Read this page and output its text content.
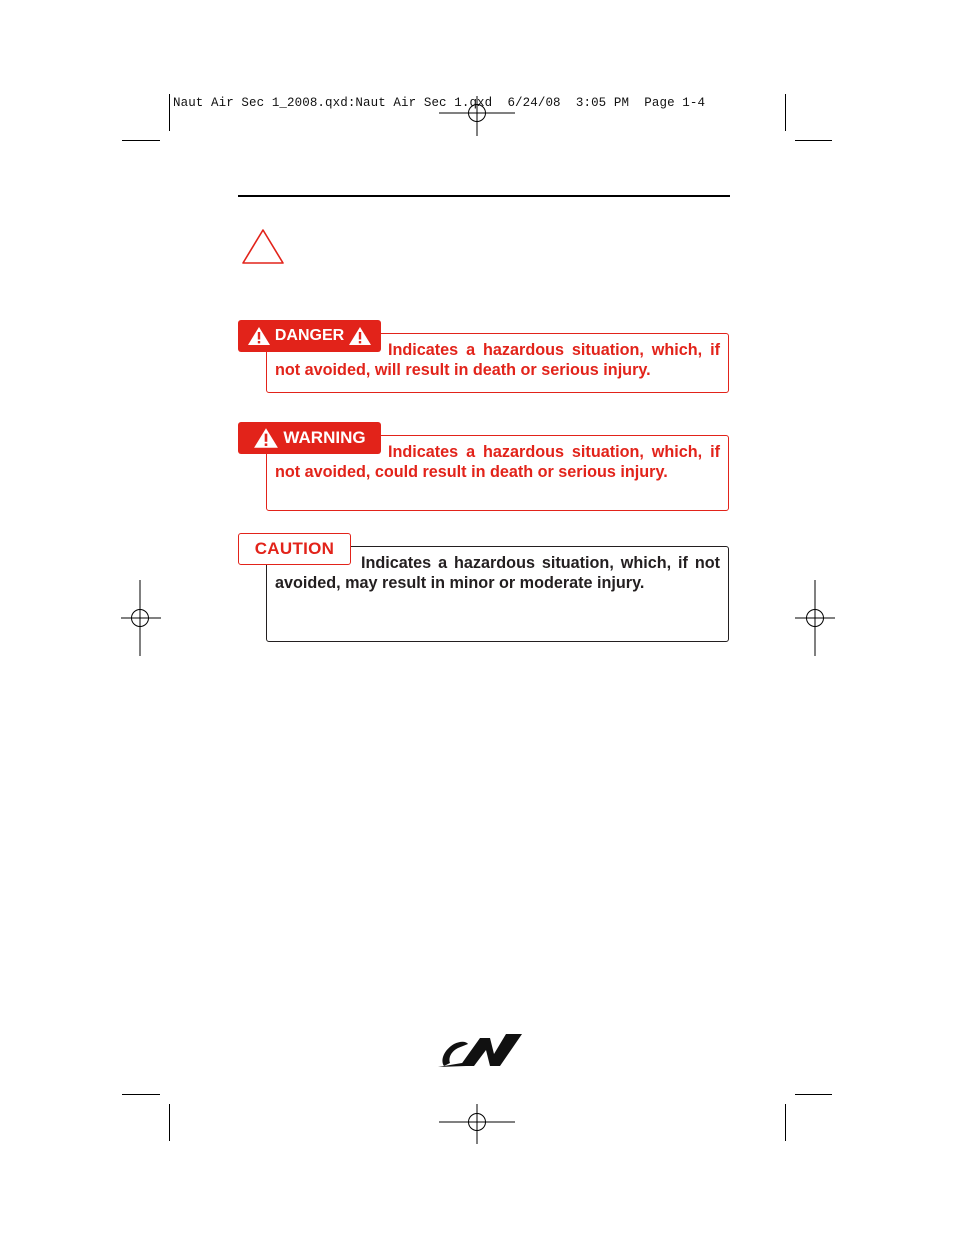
Naut Air Sec 1_2008.qxd:Naut Air Sec 1.qxd  6/24/08  3:05 PM  Page 1-4
Indicates a hazardous situation, which, if not avoided, will result in death or serious injury.
DANGER
Indicates a hazardous situation, which, if not avoided, could result in death or serious injury.
WARNING
Indicates a hazardous situation, which, if not avoided, may result in minor or moderate injury.
CAUTION
